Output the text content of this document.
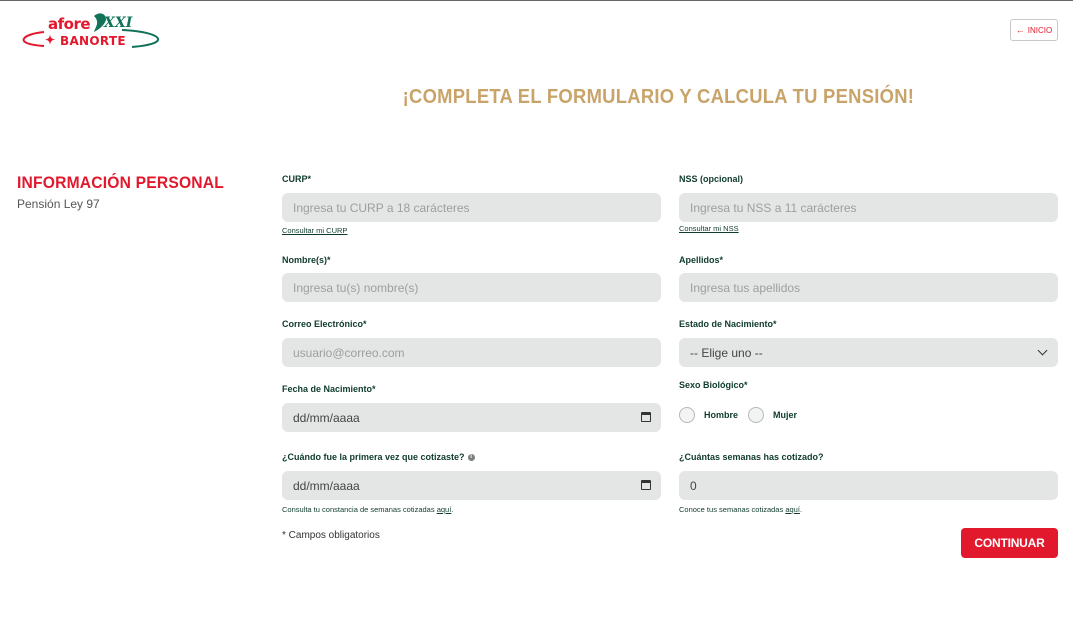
afore XXI
✦ BANORTE
← INICIO
¡COMPLETA EL FORMULARIO Y CALCULA TU PENSIÓN!
INFORMACIÓN PERSONAL
Pensión Ley 97
CURP*
Ingresa tu CURP a 18 carácteres
Consultar mi CURP
NSS (opcional)
Ingresa tu NSS a 11 carácteres
Consultar mi NSS
Nombre(s)*
Ingresa tu(s) nombre(s)
Apellidos*
Ingresa tus apellidos
Correo Electrónico*
usuario@correo.com
Estado de Nacimiento*
-- Elige uno --
Fecha de Nacimiento*
dd/mm/aaaa
Sexo Biológico*
Hombre	Mujer
¿Cuándo fue la primera vez que cotizaste? i
dd/mm/aaaa
Consulta tu constancia de semanas cotizadas aquí.
¿Cuántas semanas has cotizado?
0
Conoce tus semanas cotizadas aquí.
* Campos obligatorios
CONTINUAR
